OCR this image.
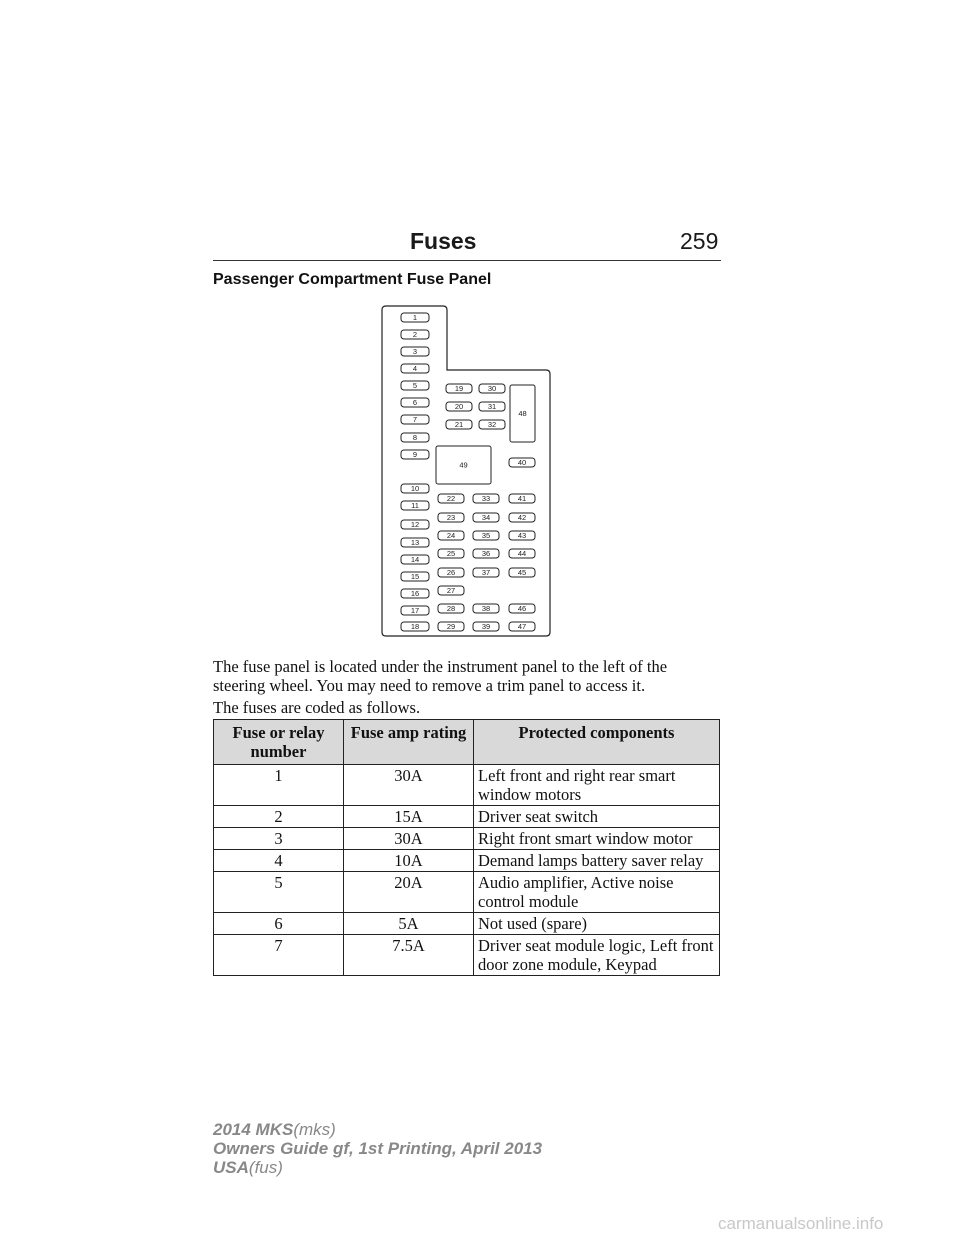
Fuses	259
Passenger Compartment Fuse Panel
1
2
3
4
5
6
7
8
9
10
11
12
13
14
15
16
17
18
19	30
20	31
21	32
22	33	41
23	34	42
24	35	43
25	36	44
26	37	45
27
28	38	46
29	39	47
48
49	40
The fuse panel is located under the instrument panel to the left of the steering wheel. You may need to remove a trim panel to access it.
The fuses are coded as follows.
Fuse or relay number	Fuse amp rating	Protected components
1	30A	Left front and right rear smart window motors
2	15A	Driver seat switch
3	30A	Right front smart window motor
4	10A	Demand lamps battery saver relay
5	20A	Audio amplifier, Active noise control module
6	5A	Not used (spare)
7	7.5A	Driver seat module logic, Left front door zone module, Keypad
2014 MKS(mks)
Owners Guide gf, 1st Printing, April 2013
USA(fus)
carmanualsonline.info
